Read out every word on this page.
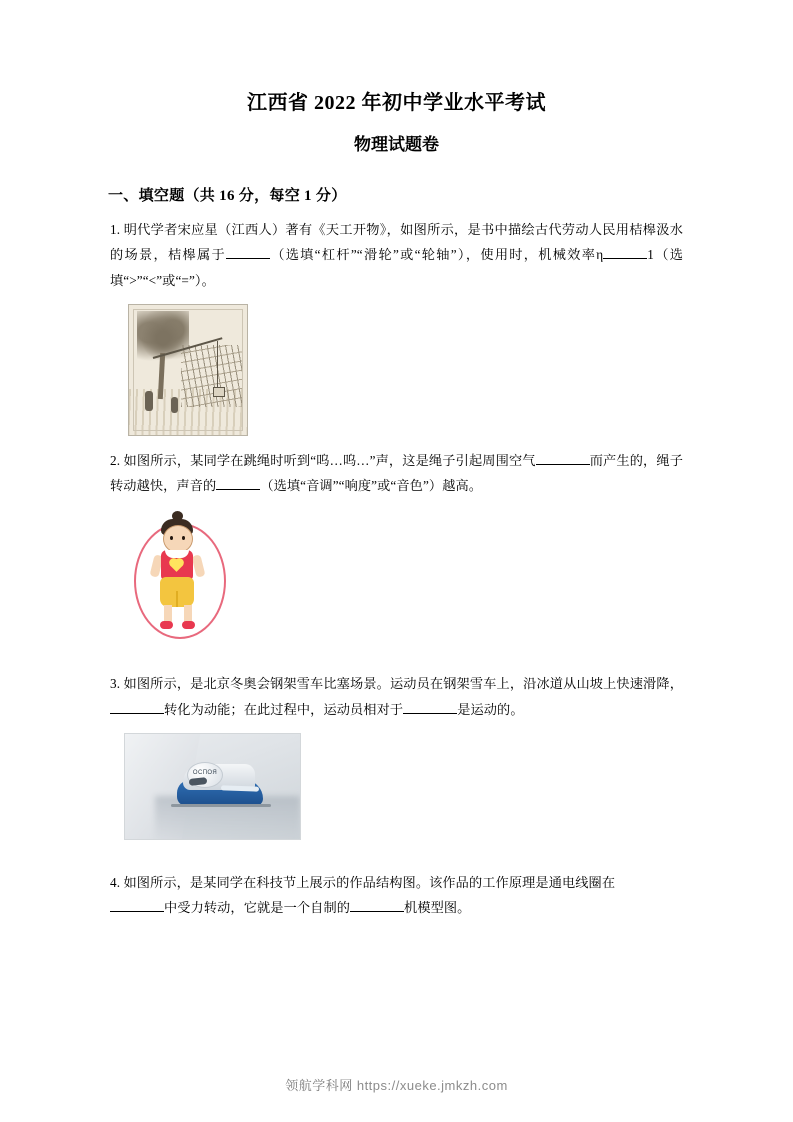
江西省 2022 年初中学业水平考试
物理试题卷
一、填空题（共 16 分，每空 1 分）
1. 明代学者宋应星（江西人）著有《天工开物》，如图所示，是书中描绘古代劳动人民用桔槔汲水的场景，桔槔属于	（选填“杠杆”“滑轮”或“轮轴”），使用时，机械效率η	1（选填“>”“<”或“=”）。
2. 如图所示，某同学在跳绳时听到“呜…呜…”声，这是绳子引起周围空气	而产生的，绳子转动越快，声音的	（选填“音调”“响度”或“音色”）越高。
3. 如图所示，是北京冬奥会钢架雪车比塞场景。运动员在钢架雪车上，沿冰道从山坡上快速滑降，转化为动能；在此过程中，运动员相对于	是运动的。
ОСПОЯ
4. 如图所示，是某同学在科技节上展示的作品结构图。该作品的工作原理是通电线圈在
中受力转动，它就是一个自制的	机模型图。
领航学科网 https://xueke.jmkzh.com
